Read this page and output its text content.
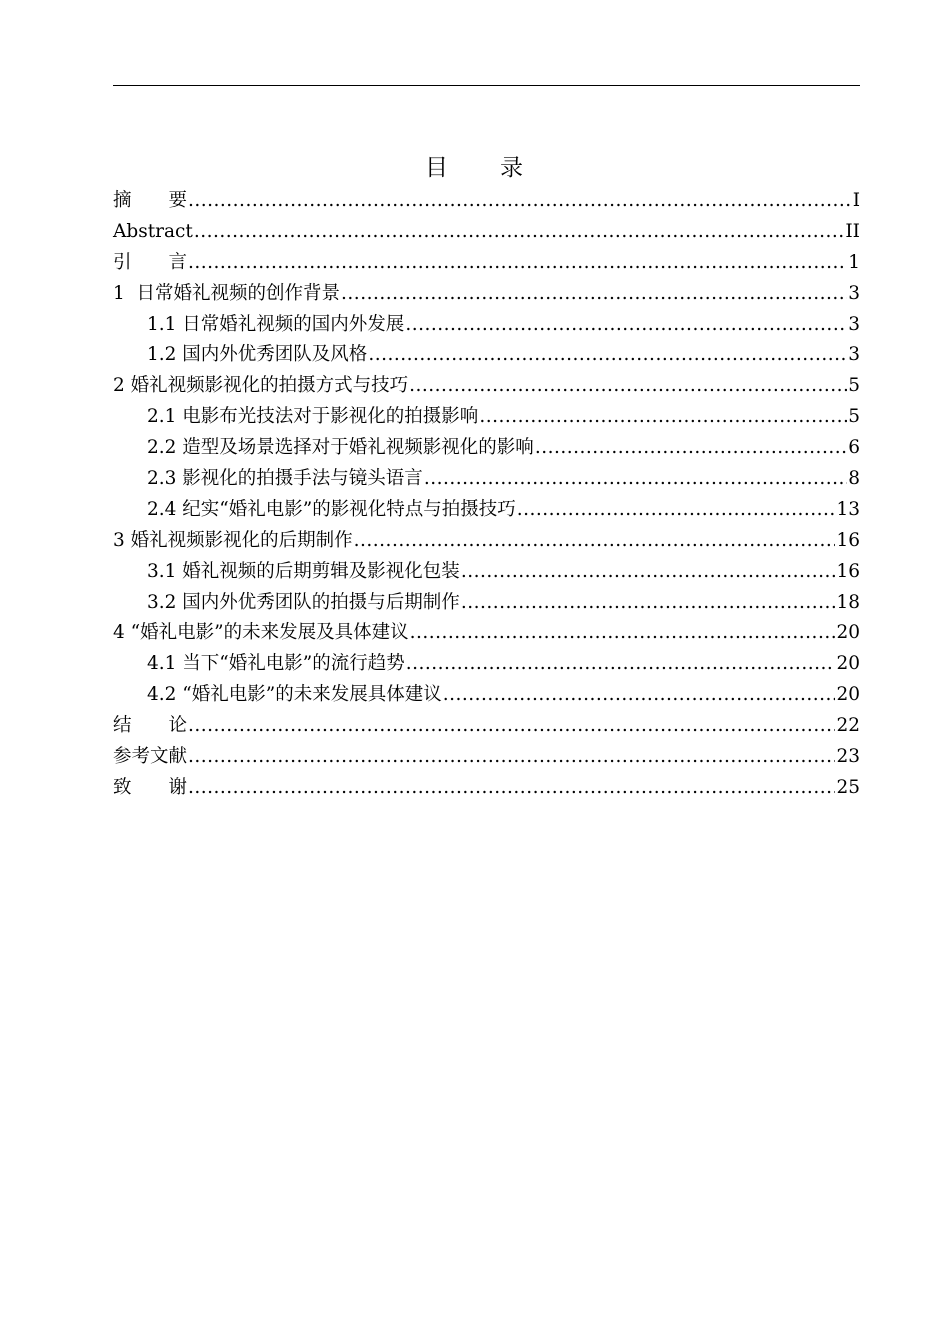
目　　录
摘　　要 .....	I
Abstract .....	II
引　　言 .....	1
1  日常婚礼视频的创作背景 .....	3
1.1 日常婚礼视频的国内外发展 .....	3
1.2 国内外优秀团队及风格 .....	3
2 婚礼视频影视化的拍摄方式与技巧 .....	5
2.1 电影布光技法对于影视化的拍摄影响 .....	5
2.2 造型及场景选择对于婚礼视频影视化的影响 .....	6
2.3 影视化的拍摄手法与镜头语言 .....	8
2.4 纪实“婚礼电影”的影视化特点与拍摄技巧 .....	13
3 婚礼视频影视化的后期制作 .....	16
3.1 婚礼视频的后期剪辑及影视化包装 .....	16
3.2 国内外优秀团队的拍摄与后期制作 .....	18
4 “婚礼电影”的未来发展及具体建议 .....	20
4.1 当下“婚礼电影”的流行趋势 .....	20
4.2 “婚礼电影”的未来发展具体建议 .....	20
结　　论 .....	22
参考文献 .....	23
致　　谢 .....	25
